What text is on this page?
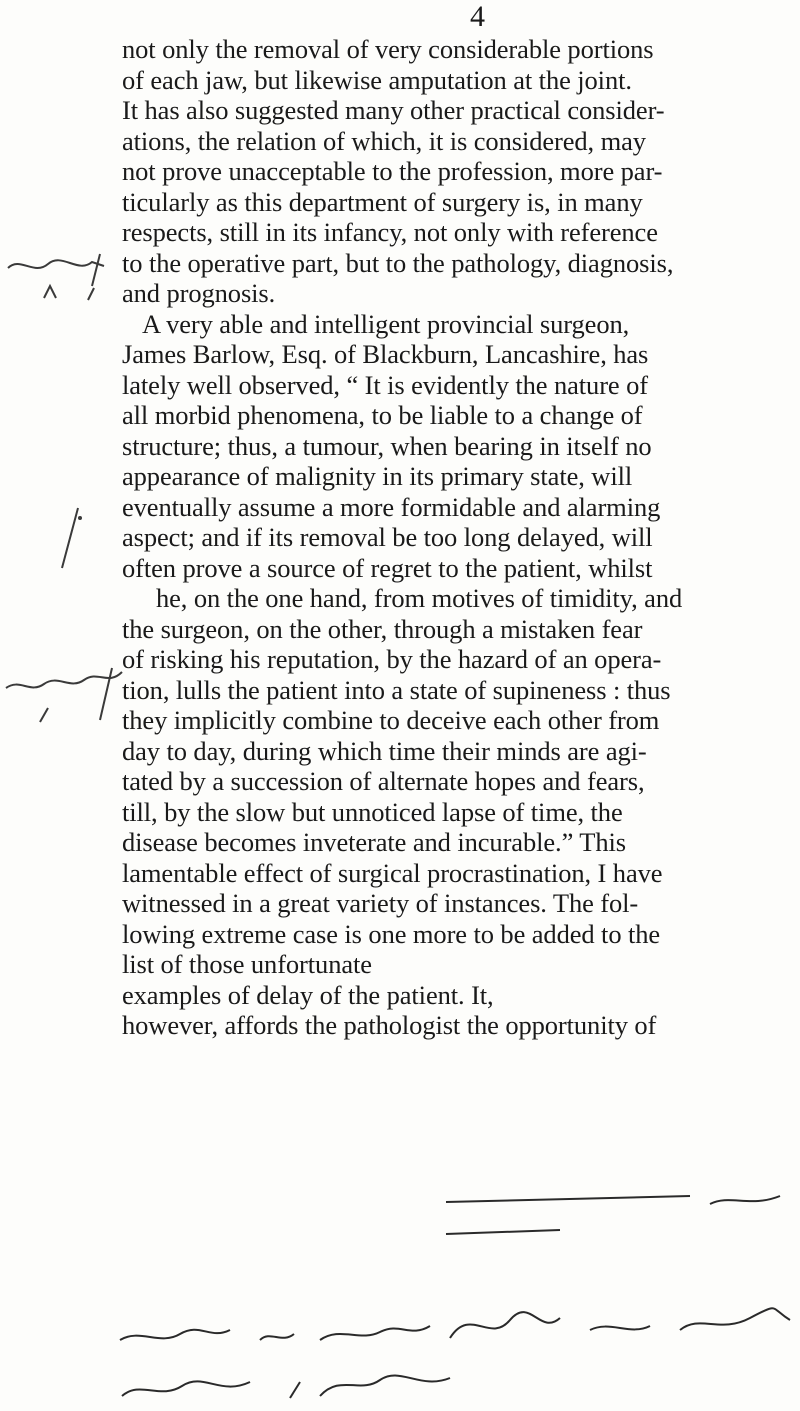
4
not only the removal of very considerable portions
of each jaw, but likewise amputation at the joint.
It has also suggested many other practical consider-
ations, the relation of which, it is considered, may
not prove unacceptable to the profession, more par-
ticularly as this department of surgery is, in many
respects, still in its infancy, not only with reference
to the operative part, but to the pathology, diagnosis,
and prognosis.
A very able and intelligent provincial surgeon,
James Barlow, Esq. of Blackburn, Lancashire, has
lately well observed, “ It is evidently the nature of
all morbid phenomena, to be liable to a change of
structure; thus, a tumour, when bearing in itself no
appearance of malignity in its primary state, will
eventually assume a more formidable and alarming
aspect; and if its removal be too long delayed, will
often prove a source of regret to the patient, whilst
he, on the one hand, from motives of timidity, and
the surgeon, on the other, through a mistaken fear
of risking his reputation, by the hazard of an opera-
tion, lulls the patient into a state of supineness : thus
they implicitly combine to deceive each other from
day to day, during which time their minds are agi-
tated by a succession of alternate hopes and fears,
till, by the slow but unnoticed lapse of time, the
disease becomes inveterate and incurable.” This
lamentable effect of surgical procrastination, I have
witnessed in a great variety of instances. The fol-
lowing extreme case is one more to be added to the
list of those unfortunate
examples of delay of the patient. It,
however, affords the pathologist the opportunity of
